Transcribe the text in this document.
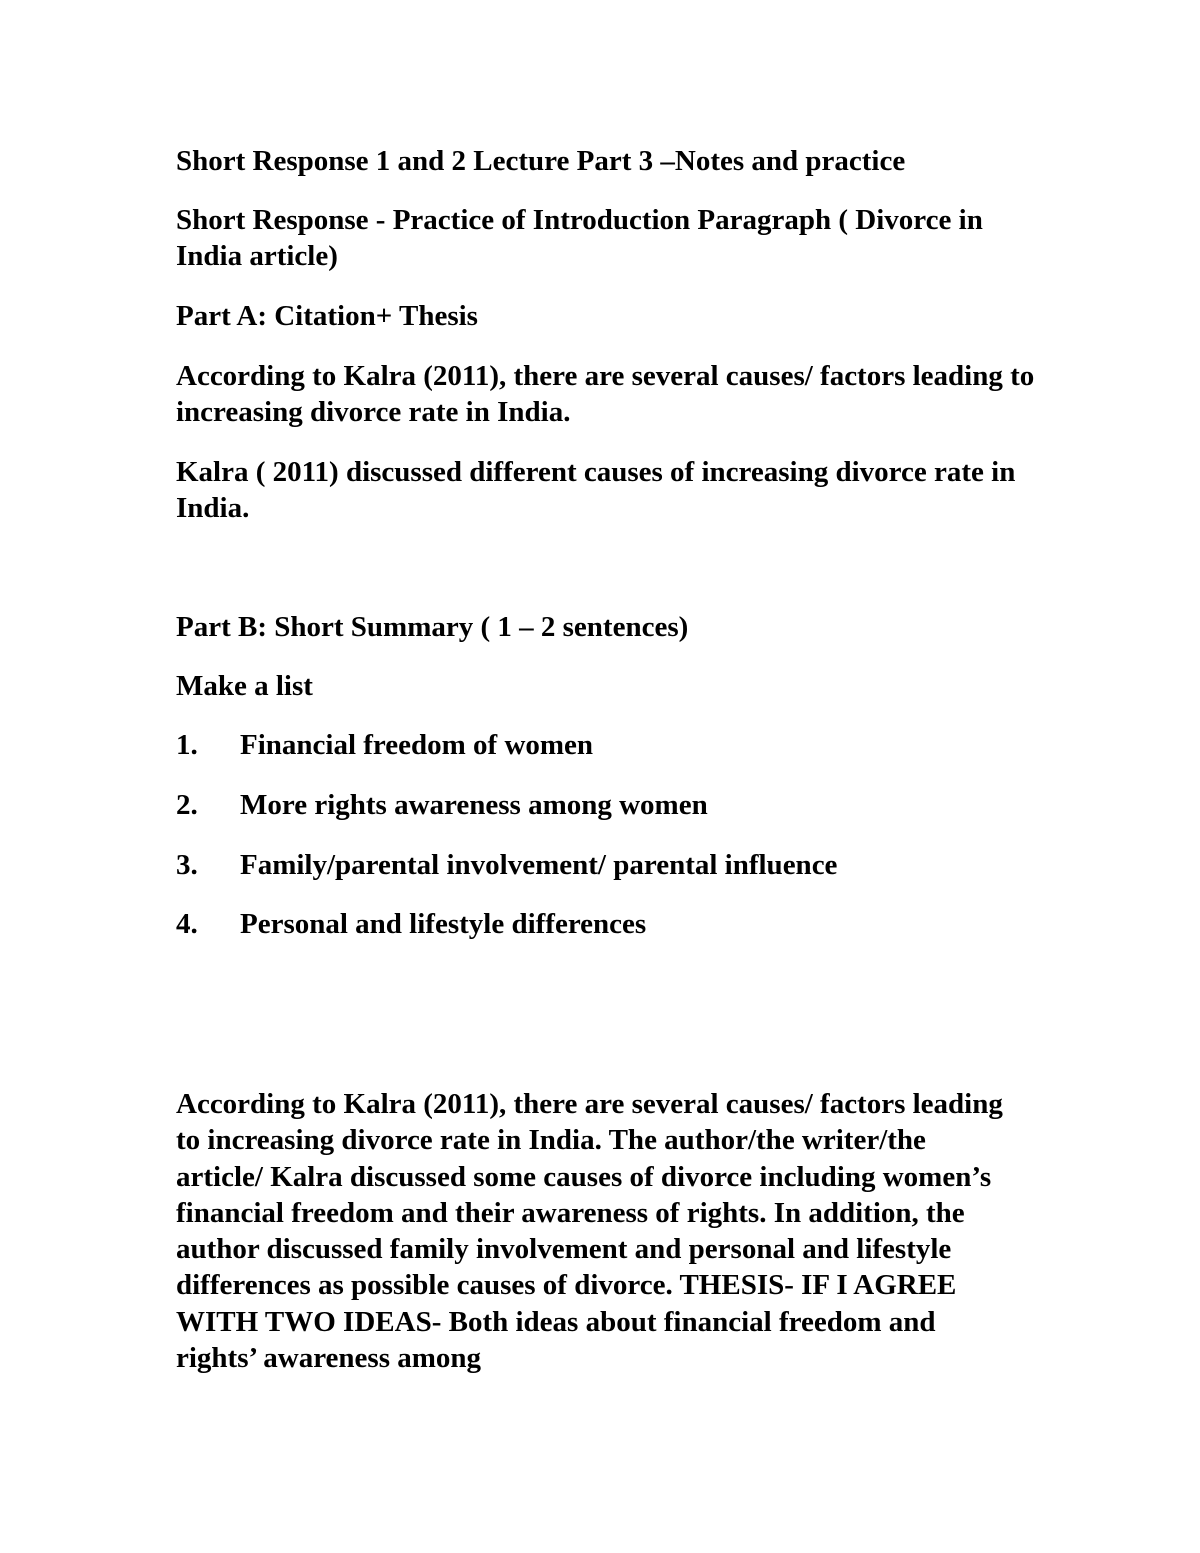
Short Response 1 and 2 Lecture Part 3 –Notes and practice
Short Response - Practice of Introduction Paragraph ( Divorce in India article)
Part A: Citation+ Thesis
According to Kalra (2011), there are several causes/ factors leading to increasing divorce rate in India.
Kalra ( 2011) discussed different causes of increasing divorce rate in India.
Part B: Short Summary ( 1 – 2 sentences)
Make a list
1.	Financial freedom of women
2.	More rights awareness among women
3.	Family/parental involvement/ parental influence
4.	Personal and lifestyle differences
According to Kalra (2011), there are several causes/ factors leading to increasing divorce rate in India. The author/the writer/the article/ Kalra discussed some causes of divorce including women’s financial freedom and their awareness of rights. In addition, the author discussed family involvement and personal and lifestyle differences as possible causes of divorce. THESIS- IF I AGREE WITH TWO IDEAS- Both ideas about financial freedom and rights’ awareness among
